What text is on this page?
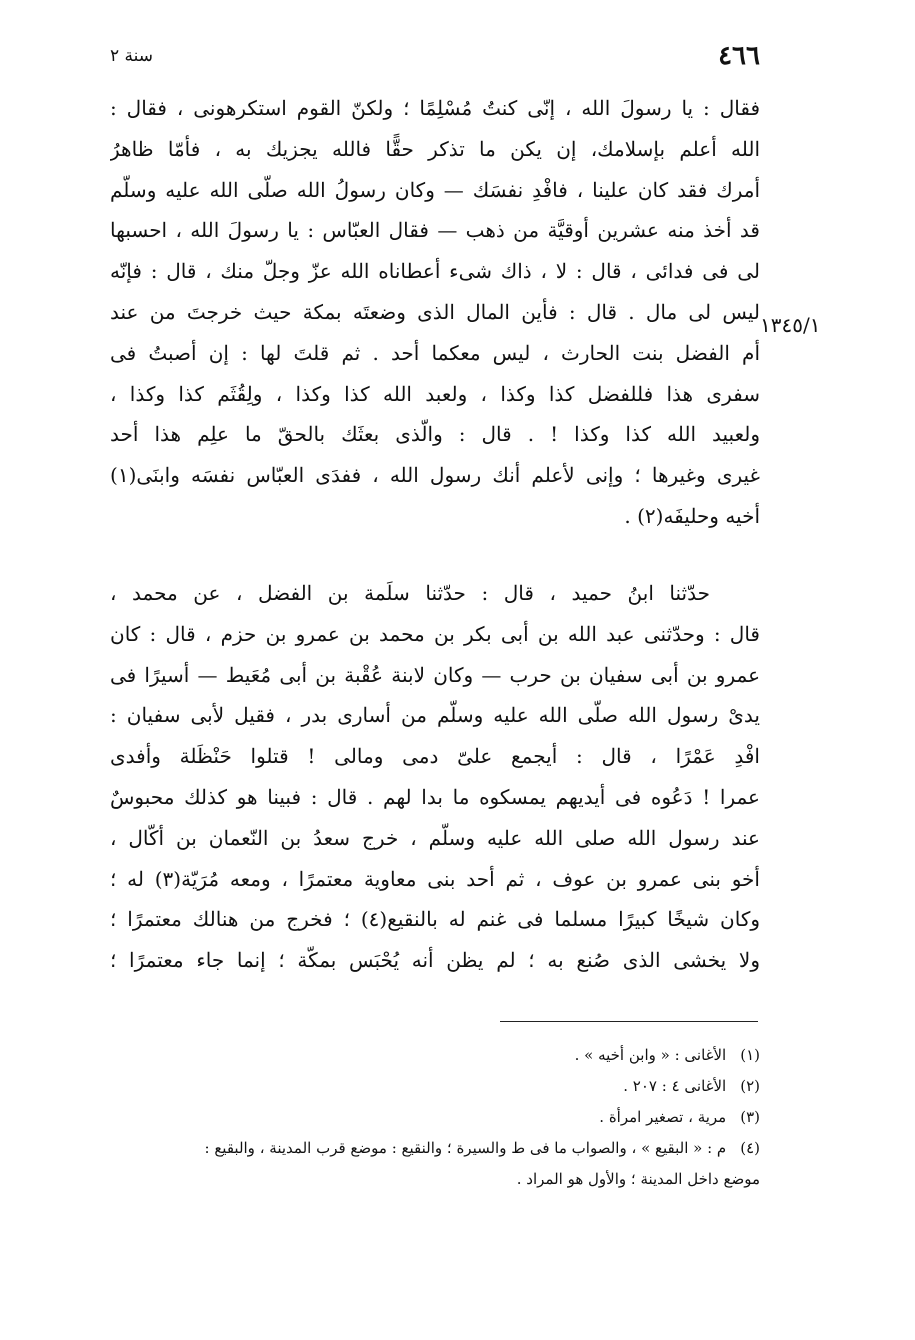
٤٦٦
سنة ٢
١٣٤٥/١
فقال : يا رسولَ الله ، إنّى كنتُ مُسْلِمًا ؛ ولكنّ القوم استكرهونى ، فقال :
الله أعلم بإسلامك، إن يكن ما تذكر حقًّا فالله يجزيك به ، فأمّا ظاهرُ
أمرك فقد كان علينا ، فافْدِ نفسَك — وكان رسولُ الله صلّى الله عليه وسلّم
قد أخذ منه عشرين أوقيَّة من ذهب — فقال العبّاس : يا رسولَ الله ، احسبها
لى فى فدائى ، قال : لا ، ذاك شىء أعطاناه الله عزّ وجلّ منك ، قال : فإنّه
ليس لى مال . قال : فأين المال الذى وضعتَه بمكة حيث خرجتَ من عند
أم الفضل بنت الحارث ، ليس معكما أحد . ثم قلتَ لها : إن أصبتُ فى
سفرى هذا فللفضل كذا وكذا ، ولعبد الله كذا وكذا ، ولِقُثَم كذا وكذا ،
ولعبيد الله كذا وكذا ! . قال : والّذى بعثَك بالحقّ ما علِم هذا أحد
غيرى وغيرها ؛ وإنى لأعلم أنك رسول الله ، ففدَى العبّاس نفسَه وابنَى(١)
أخيه وحليفَه(٢) .
حدّثنا ابنُ حميد ، قال : حدّثنا سلَمة بن الفضل ، عن محمد ،
قال : وحدّثنى عبد الله بن أبى بكر بن محمد بن عمرو بن حزم ، قال : كان
عمرو بن أبى سفيان بن حرب — وكان لابنة عُقْبة بن أبى مُعَيط — أسيرًا فى
يدىْ رسول الله صلّى الله عليه وسلّم من أسارى بدر ، فقيل لأبى سفيان :
افْدِ عَمْرًا ، قال : أيجمع علىّ دمى ومالى ! قتلوا حَنْظَلة وأفدى
عمرا ! دَعُوه فى أيديهم يمسكوه ما بدا لهم . قال : فبينا هو كذلك محبوسٌ
عند رسول الله صلى الله عليه وسلّم ، خرج سعدُ بن النّعمان بن أكّال ،
أخو بنى عمرو بن عوف ، ثم أحد بنى معاوية معتمرًا ، ومعه مُرَيّة(٣) له ؛
وكان شيخًا كبيرًا مسلما فى غنم له بالنقيع(٤) ؛ فخرج من هنالك معتمرًا ؛
ولا يخشى الذى صُنع به ؛ لم يظن أنه يُحْبَس بمكّة ؛ إنما جاء معتمرًا ؛
(١)الأغانى : « وابن أخيه » .
(٢)الأغانى ٤ : ٢٠٧ .
(٣)مرية ، تصغير امرأة .
(٤)م : « البقيع » ، والصواب ما فى ط والسيرة ؛ والنقيع : موضع قرب المدينة ، والبقيع :
موضع داخل المدينة ؛ والأول هو المراد .
